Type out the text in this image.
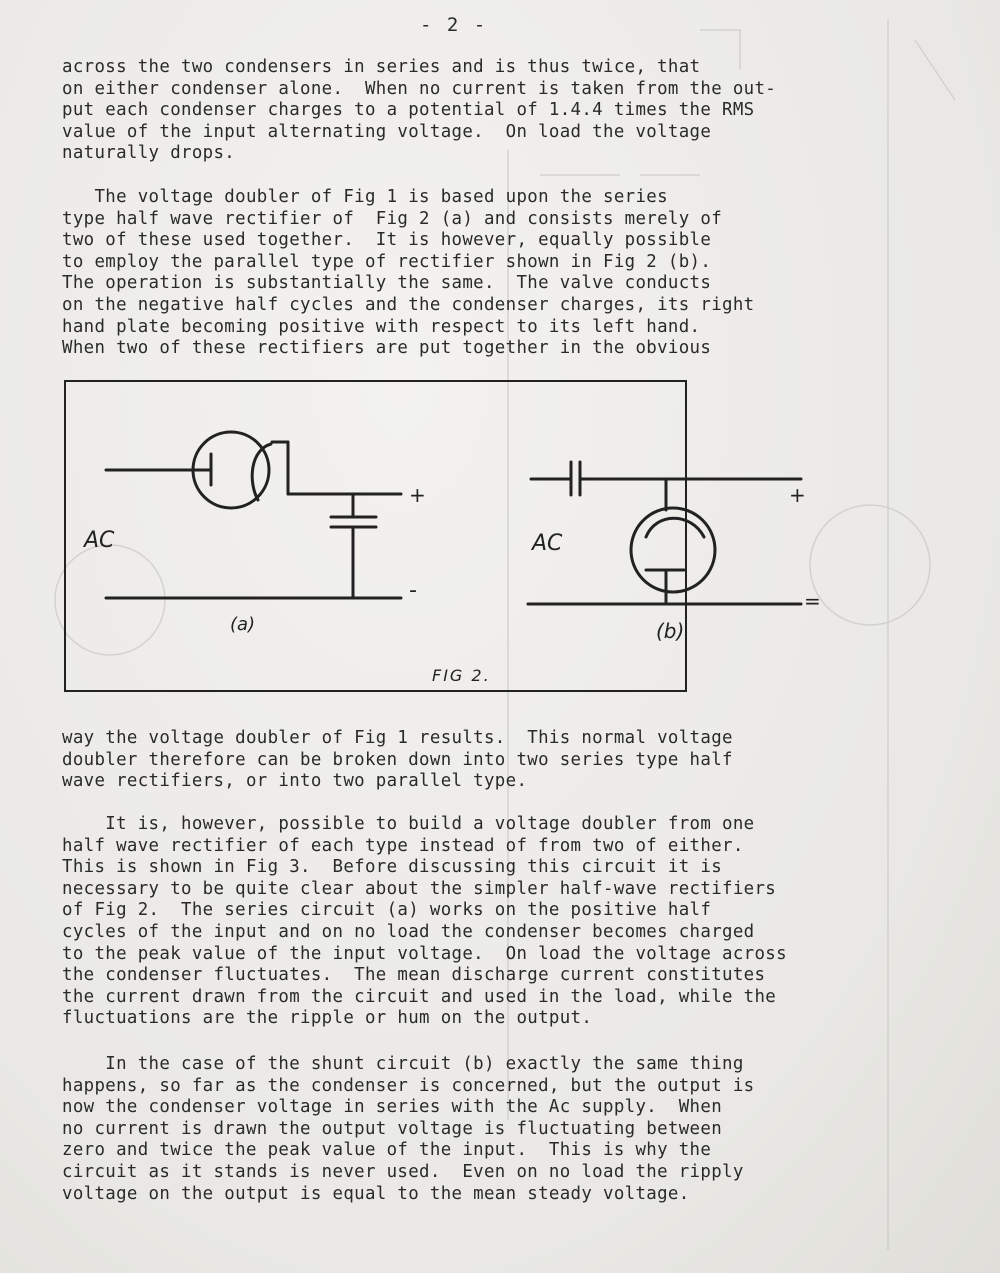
- 2 -
across the two condensers in series and is thus twice, that
on either condenser alone.  When no current is taken from the out-
put each condenser charges to a potential of 1.4.4 times the RMS
value of the input alternating voltage.  On load the voltage
naturally drops.
The voltage doubler of Fig 1 is based upon the series
type half wave rectifier of  Fig 2 (a) and consists merely of
two of these used together.  It is however, equally possible
to employ the parallel type of rectifier shown in Fig 2 (b).
The operation is substantially the same.  The valve conducts
on the negative half cycles and the condenser charges, its right
hand plate becoming positive with respect to its left hand.
When two of these rectifiers are put together in the obvious
AC
+
-
(a)
AC
+
=
(b)
FIG 2.
way the voltage doubler of Fig 1 results.  This normal voltage
doubler therefore can be broken down into two series type half
wave rectifiers, or into two parallel type.
It is, however, possible to build a voltage doubler from one
half wave rectifier of each type instead of from two of either.
This is shown in Fig 3.  Before discussing this circuit it is
necessary to be quite clear about the simpler half-wave rectifiers
of Fig 2.  The series circuit (a) works on the positive half
cycles of the input and on no load the condenser becomes charged
to the peak value of the input voltage.  On load the voltage across
the condenser fluctuates.  The mean discharge current constitutes
the current drawn from the circuit and used in the load, while the
fluctuations are the ripple or hum on the output.
In the case of the shunt circuit (b) exactly the same thing
happens, so far as the condenser is concerned, but the output is
now the condenser voltage in series with the Ac supply.  When
no current is drawn the output voltage is fluctuating between
zero and twice the peak value of the input.  This is why the
circuit as it stands is never used.  Even on no load the ripply
voltage on the output is equal to the mean steady voltage.
